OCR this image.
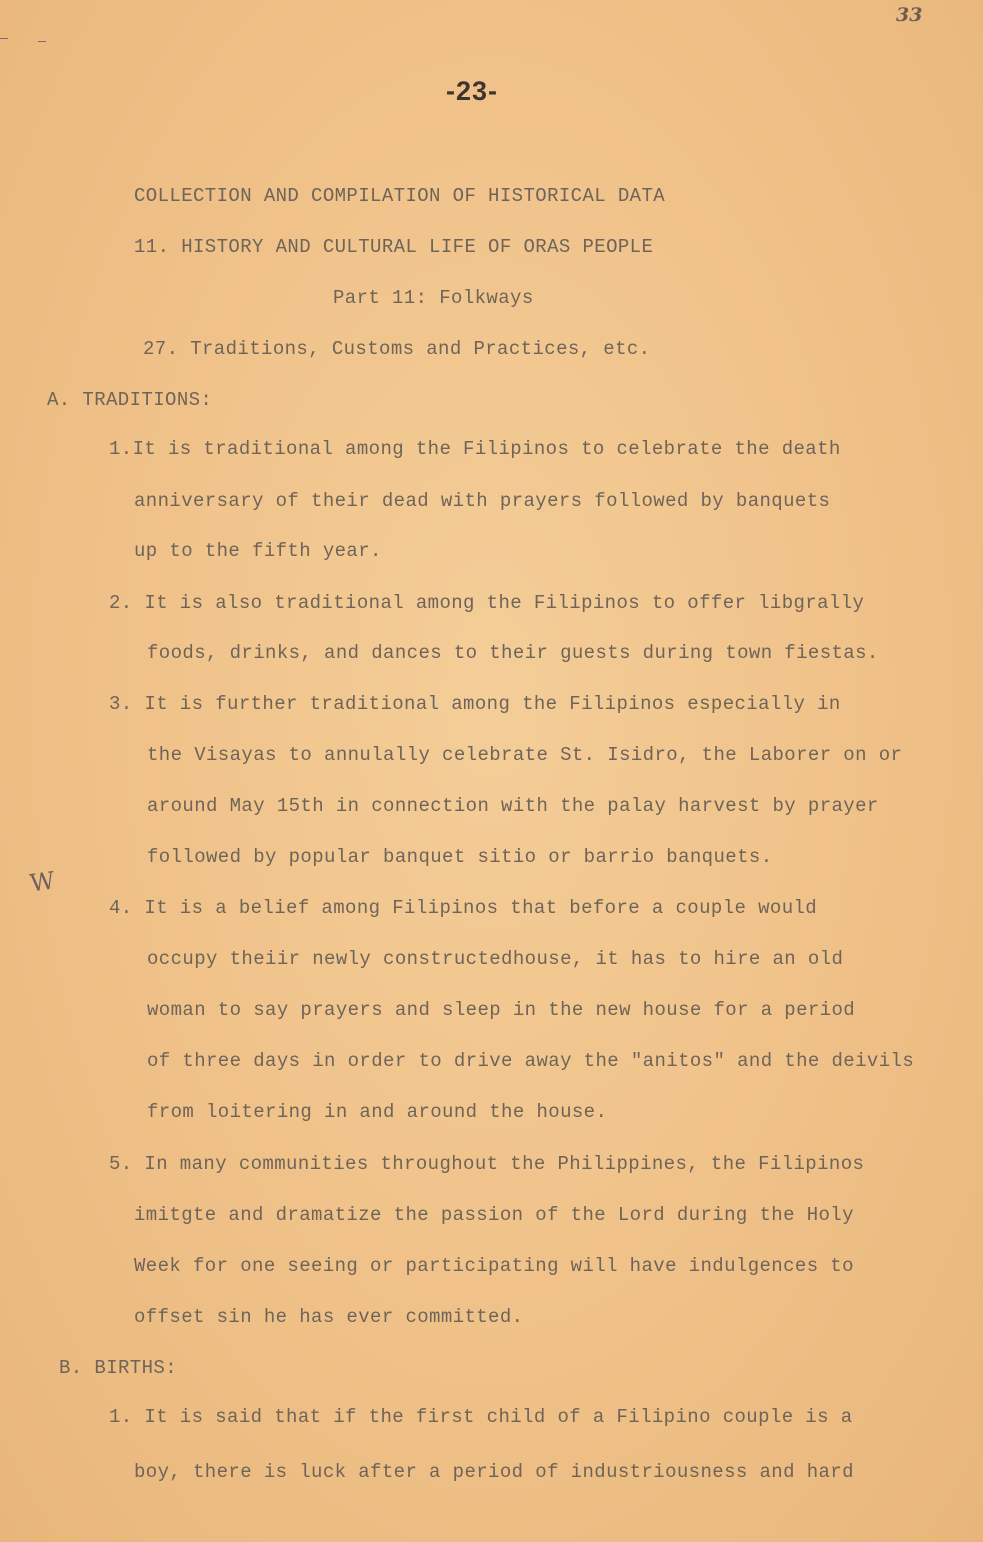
33
-23-
COLLECTION AND COMPILATION OF HISTORICAL DATA
11. HISTORY AND CULTURAL LIFE OF ORAS PEOPLE
Part 11: Folkways
27. Traditions, Customs and Practices, etc.
A. TRADITIONS:
1.It is traditional among the Filipinos to celebrate the death
anniversary of their dead with prayers followed by banquets
up to the fifth year.
2. It is also traditional among the Filipinos to offer libgrally
foods, drinks, and dances to their guests during town fiestas.
3. It is further traditional among the Filipinos especially in
the Visayas to annulally celebrate St. Isidro, the Laborer on or
around May 15th in connection with the palay harvest by prayer
followed by popular banquet sitio or barrio banquets.
W
4. It is a belief among Filipinos that before a couple would
occupy theiir newly constructedhouse, it has to hire an old
woman to say prayers and sleep in the new house for a period
of three days in order to drive away the "anitos" and the deivils
from loitering in and around the house.
5. In many communities throughout the Philippines, the Filipinos
imitgte and dramatize the passion of the Lord during the Holy
Week for one seeing or participating will have indulgences to
offset sin he has ever committed.
B. BIRTHS:
1. It is said that if the first child of a Filipino couple is a
boy, there is luck after a period of industriousness and hard
